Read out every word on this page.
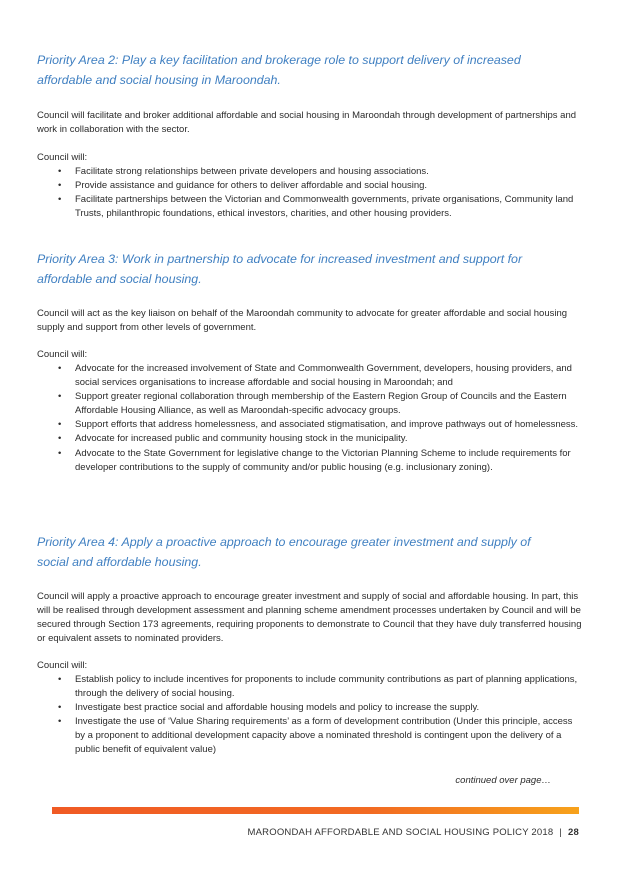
Priority Area 2: Play a key facilitation and brokerage role to support delivery of increased
affordable and social housing in Maroondah.

Council will facilitate and broker additional affordable and social housing in Maroondah through development of partnerships and work in collaboration with the sector.

Council will:

• Facilitate strong relationships between private developers and housing associations.
• Provide assistance and guidance for others to deliver affordable and social housing.
• Facilitate partnerships between the Victorian and Commonwealth governments, private organisations, Community land Trusts, philanthropic foundations, ethical investors, charities, and other housing providers.
Priority Area 3: Work in partnership to advocate for increased investment and support for
affordable and social housing.

Council will act as the key liaison on behalf of the Maroondah community to advocate for greater affordable and social housing supply and support from other levels of government.

Council will:

• Advocate for the increased involvement of State and Commonwealth Government, developers, housing providers, and social services organisations to increase affordable and social housing in Maroondah; and
• Support greater regional collaboration through membership of the Eastern Region Group of Councils and the Eastern Affordable Housing Alliance, as well as Maroondah-specific advocacy groups.
• Support efforts that address homelessness, and associated stigmatisation, and improve pathways out of homelessness.
• Advocate for increased public and community housing stock in the municipality.
• Advocate to the State Government for legislative change to the Victorian Planning Scheme to include requirements for developer contributions to the supply of community and/or public housing (e.g. inclusionary zoning).
Priority Area 4: Apply a proactive approach to encourage greater investment and supply of
social and affordable housing.

Council will apply a proactive approach to encourage greater investment and supply of social and affordable housing. In part, this will be realised through development assessment and planning scheme amendment processes undertaken by Council and will be secured through Section 173 agreements, requiring proponents to demonstrate to Council that they have duly transferred housing or equivalent assets to nominated providers.

Council will:

• Establish policy to include incentives for proponents to include community contributions as part of planning applications, through the delivery of social housing.
• Investigate best practice social and affordable housing models and policy to increase the supply.
• Investigate the use of ‘Value Sharing requirements’ as a form of development contribution (Under this principle, access by a proponent to additional development capacity above a nominated threshold is contingent upon the delivery of a public benefit of equivalent value)

continued over page…

MAROONDAH AFFORDABLE AND SOCIAL HOUSING POLICY 2018 | 28
